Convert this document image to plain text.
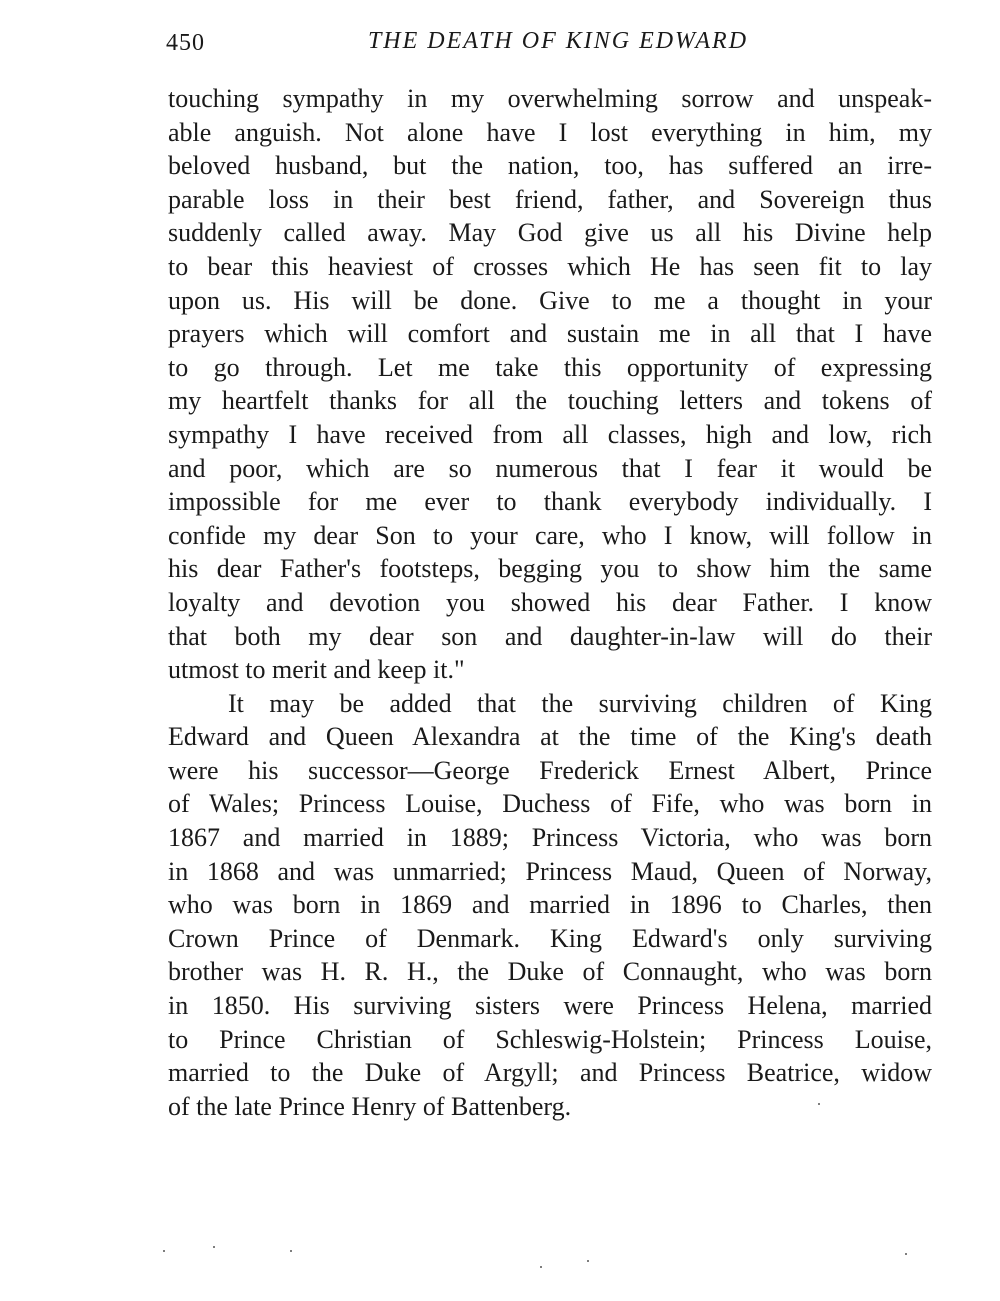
450	THE DEATH OF KING EDWARD
touching sympathy in my overwhelming sorrow and unspeak-
able anguish. Not alone have I lost everything in him, my
beloved husband, but the nation, too, has suffered an irre-
parable loss in their best friend, father, and Sovereign thus
suddenly called away. May God give us all his Divine help
to bear this heaviest of crosses which He has seen fit to lay
upon us. His will be done. Give to me a thought in your
prayers which will comfort and sustain me in all that I have
to go through. Let me take this opportunity of expressing
my heartfelt thanks for all the touching letters and tokens of
sympathy I have received from all classes, high and low, rich
and poor, which are so numerous that I fear it would be
impossible for me ever to thank everybody individually. I
confide my dear Son to your care, who I know, will follow in
his dear Father's footsteps, begging you to show him the same
loyalty and devotion you showed his dear Father. I know
that both my dear son and daughter-in-law will do their
utmost to merit and keep it."
It may be added that the surviving children of King
Edward and Queen Alexandra at the time of the King's death
were his successor—George Frederick Ernest Albert, Prince
of Wales; Princess Louise, Duchess of Fife, who was born in
1867 and married in 1889; Princess Victoria, who was born
in 1868 and was unmarried; Princess Maud, Queen of Norway,
who was born in 1869 and married in 1896 to Charles, then
Crown Prince of Denmark. King Edward's only surviving
brother was H. R. H., the Duke of Connaught, who was born
in 1850. His surviving sisters were Princess Helena, married
to Prince Christian of Schleswig-Holstein; Princess Louise,
married to the Duke of Argyll; and Princess Beatrice, widow
of the late Prince Henry of Battenberg.
